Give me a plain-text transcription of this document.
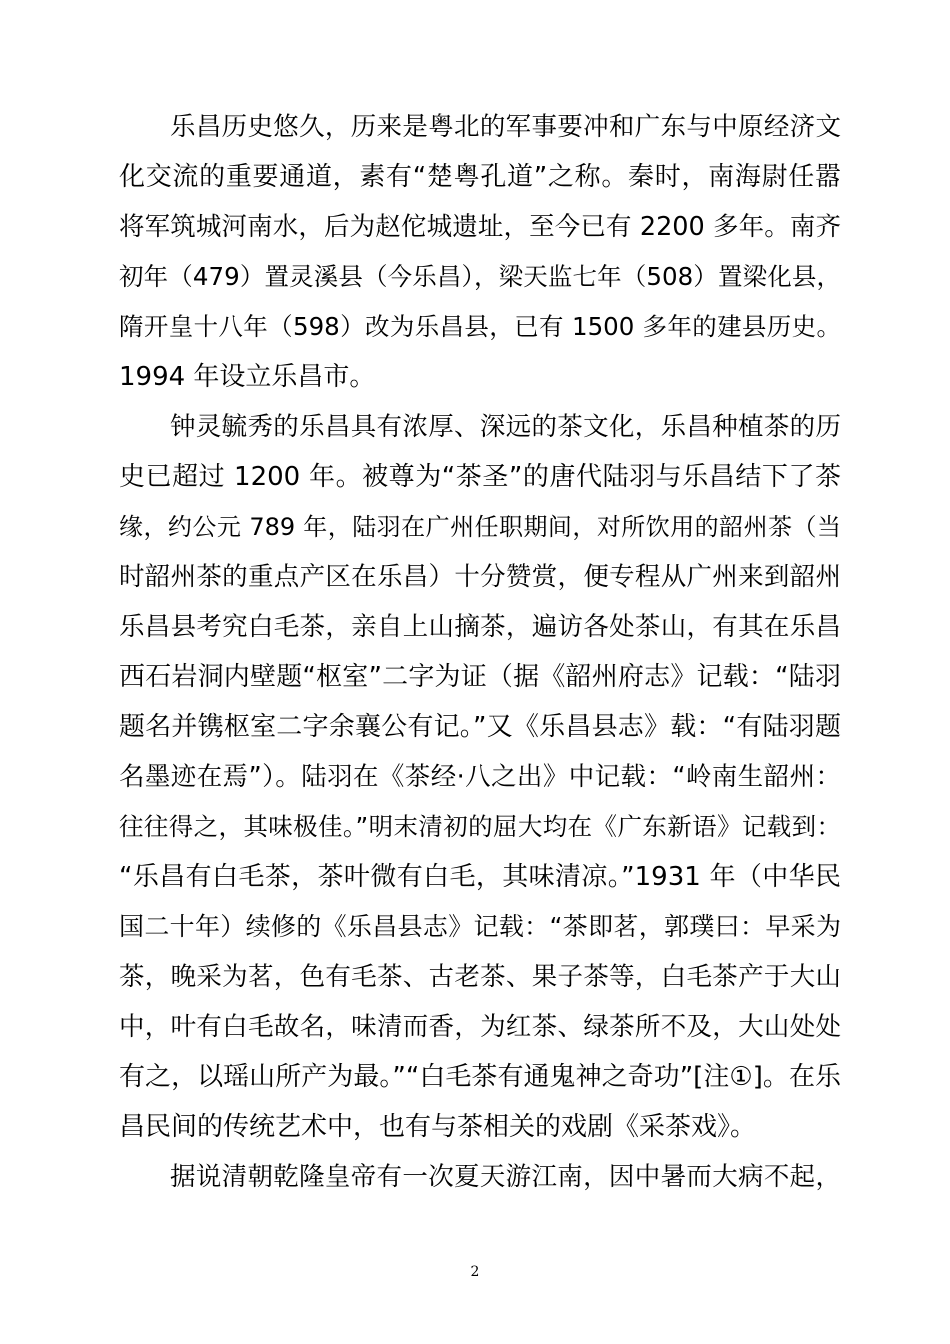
乐昌历史悠久，历来是粤北的军事要冲和广东与中原经济文
化交流的重要通道，素有“楚粤孔道”之称。秦时，南海尉任嚣
将军筑城河南水，后为赵佗城遗址，至今已有 2200 多年。南齐
初年（479）置灵溪县（今乐昌），梁天监七年（508）置梁化县，
隋开皇十八年（598）改为乐昌县，已有 1500 多年的建县历史。
1994 年设立乐昌市。
钟灵毓秀的乐昌具有浓厚、深远的茶文化，乐昌种植茶的历
史已超过 1200 年。被尊为“茶圣”的唐代陆羽与乐昌结下了茶
缘，约公元 789 年，陆羽在广州任职期间，对所饮用的韶州茶（当
时韶州茶的重点产区在乐昌）十分赞赏，便专程从广州来到韶州
乐昌县考究白毛茶，亲自上山摘茶，遍访各处茶山，有其在乐昌
西石岩洞内壁题“枢室”二字为证（据《韶州府志》记载：“陆羽
题名并镌枢室二字余襄公有记。”又《乐昌县志》载：“有陆羽题
名墨迹在焉”）。陆羽在《茶经·八之出》中记载：“岭南生韶州：
往往得之，其味极佳。”明末清初的屈大均在《广东新语》记载到：
“乐昌有白毛茶，茶叶微有白毛，其味清凉。”1931 年（中华民
国二十年）续修的《乐昌县志》记载：“茶即茗，郭璞曰：早采为
茶，晚采为茗，色有毛茶、古老茶、果子茶等，白毛茶产于大山
中，叶有白毛故名，味清而香，为红茶、绿茶所不及，大山处处
有之，以瑶山所产为最。”“白毛茶有通鬼神之奇功”[注①]。在乐
昌民间的传统艺术中，也有与茶相关的戏剧《采茶戏》。
据说清朝乾隆皇帝有一次夏天游江南，因中暑而大病不起，
2
